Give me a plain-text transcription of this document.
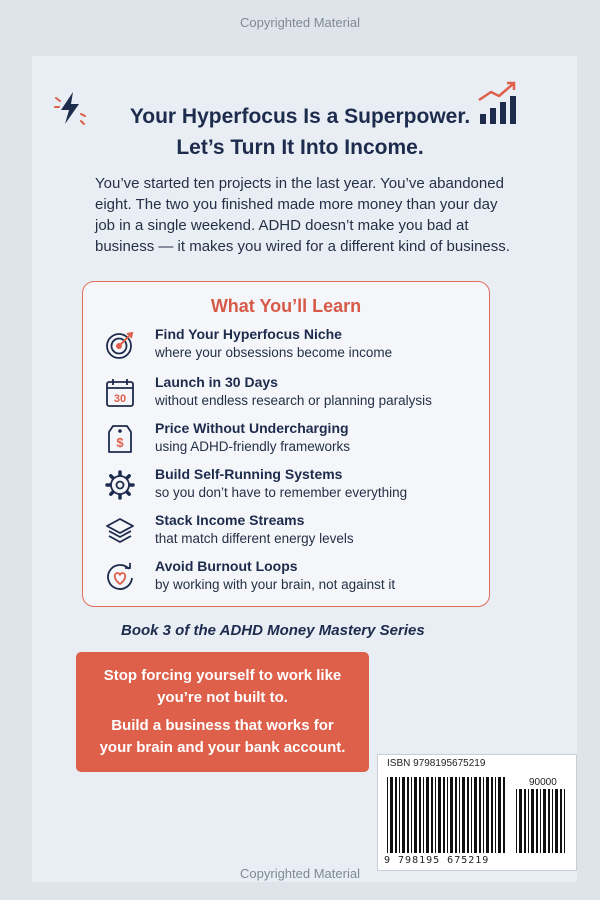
Copyrighted Material
Your Hyperfocus Is a Superpower.
Let’s Turn It Into Income.

You’ve started ten projects in the last year. You’ve abandoned eight. The two you finished made more money than your day job in a single weekend. ADHD doesn’t make you bad at business — it makes you wired for a different kind of business.

What You’ll Learn
Find Your Hyperfocus Niche
where your obsessions become income
30
Launch in 30 Days
without endless research or planning paralysis
$
Price Without Undercharging
using ADHD-friendly frameworks
Build Self-Running Systems
so you don’t have to remember everything
Stack Income Streams
that match different energy levels
Avoid Burnout Loops
by working with your brain, not against it
Book 3 of the ADHD Money Mastery Series
Stop forcing yourself to work like
you’re not built to.
Build a business that works for
your brain and your bank account.
ISBN 9798195675219
90000
9 798195 675219
Copyrighted Material
